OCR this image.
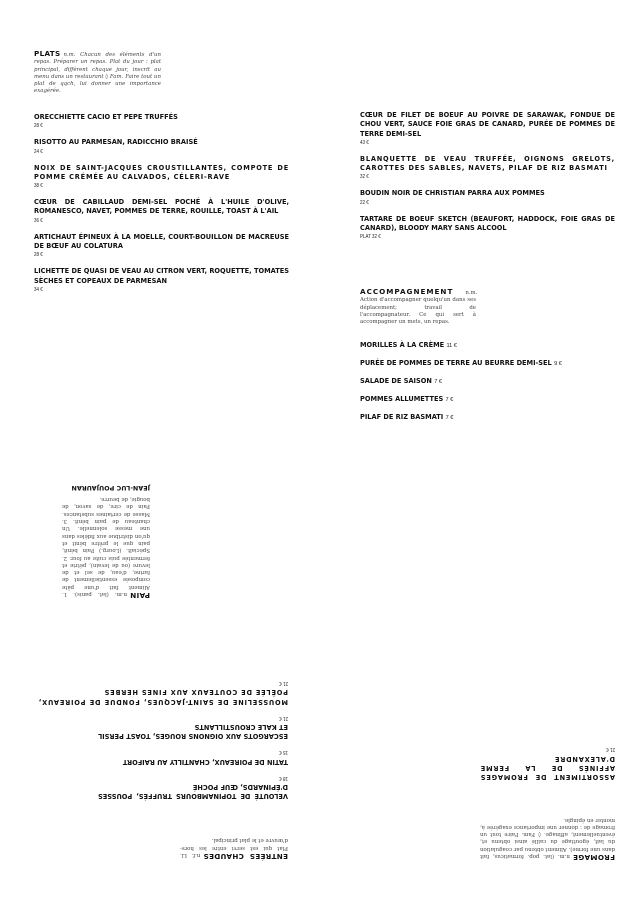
PLATS n.m. Chacun des éléments d'un repas. Préparer un repas. Plat du jour : plat principal, différent chaque jour, inscrit au menu dans un restaurant ◊ Fam. Faire tout un plat de qqch, lui donner une importance exagérée.
ORECCHIETTE CACIO ET PEPE TRUFFÉS
28 €
RISOTTO AU PARMESAN, RADICCHIO BRAISÉ
24 €
NOIX DE SAINT-JACQUES CROUSTILLANTES, COMPOTE DE POMME CRÉMÉE AU CALVADOS, CÉLERI-RAVE
38 €
CŒUR DE CABILLAUD DEMI-SEL POCHÉ À L'HUILE D'OLIVE, ROMANESCO, NAVET, POMMES DE TERRE, ROUILLE, TOAST À L'AIL
36 €
ARTICHAUT ÉPINEUX À LA MOELLE, COURT-BOUILLON DE MACREUSE DE BŒUF AU COLATURA
28 €
LICHETTE DE QUASI DE VEAU AU CITRON VERT, ROQUETTE, TOMATES SÈCHES ET COPEAUX DE PARMESAN
34 €
CŒUR DE FILET DE BOEUF AU POIVRE DE SARAWAK, FONDUE DE CHOU VERT, SAUCE FOIE GRAS DE CANARD, PURÉE DE POMMES DE TERRE DEMI-SEL
43 €
BLANQUETTE DE VEAU TRUFFÉE, OIGNONS GRELOTS, CAROTTES DES SABLES, NAVETS, PILAF DE RIZ BASMATI
32 €
BOUDIN NOIR DE CHRISTIAN PARRA AUX POMMES
22 €
TARTARE DE BOEUF SKETCH (BEAUFORT, HADDOCK, FOIE GRAS DE CANARD), BLOODY MARY SANS ALCOOL
PLAT 32 €
ACCOMPAGNEMENT n.m. Action d'accompagner quelqu'un dans ses déplacement; travail de l'accompagnateur. Ce qui sert à accompagner un mets, un repas.
MORILLES À LA CRÈME 11 €
PURÉE DE POMMES DE TERRE AU BEURRE DEMI-SEL 9 €
SALADE DE SAISON 7 €
POMMES ALLUMETTES 7 €
PILAF DE RIZ BASMATI 7 €
PAINn.m. (lat. panis). 1. Aliment fait d'une pâte composée essentiellement de farine, d'eau, de sel et de levure (ou de levain), pétrie et fermentée puis cuite au four. 2. Spécialt. (Lourg.) Pain bénit, pain que le prêtre bénit et qu'on distribue aux fidèles dans une messe solennelle. Un chanteau de pain bénit. 3. Masse de certaines substances. Pain de cire, de savon, de bougie, de beurre.
JEAN-LUC POUJAURAN
ENTRÉES CHAUDESn.f. Ll. Plat qui est servi entre les hors-d'œuvre et le plat principal.
VELOUTÉ DE TOPINAMBOURS TRUFFÉS, POUSSES D'ÉPINARDS, ŒUF POCHÉ
18 €
TATIN DE POIREAUX, CHANTILLY AU RAIFORT
15 €
ESCARGOTS AUX OIGNONS ROUGES, TOAST PERSIL ET KALE CROUSTILLANTS
21 €
MOUSSELINE DE SAINT-JACQUES, FONDUE DE POIREAUX, POÊLÉE DE COUTEAUX AUX FINES HERBES
21 €
FROMAGEn.m. (lat. pop. formaticus, fait dans une forme). Aliment obtenu par coagulation du lait, égouttage du caillé ainsi obtenu et, éventuellement, affinage. ◊ Fam. Faire tout un fromage de : donner une importance exagérée à, monter en épingle.
ASSORTIMENT DE FROMAGES AFFINÉS DE LA FERME D'ALEXANDRE
21 €
